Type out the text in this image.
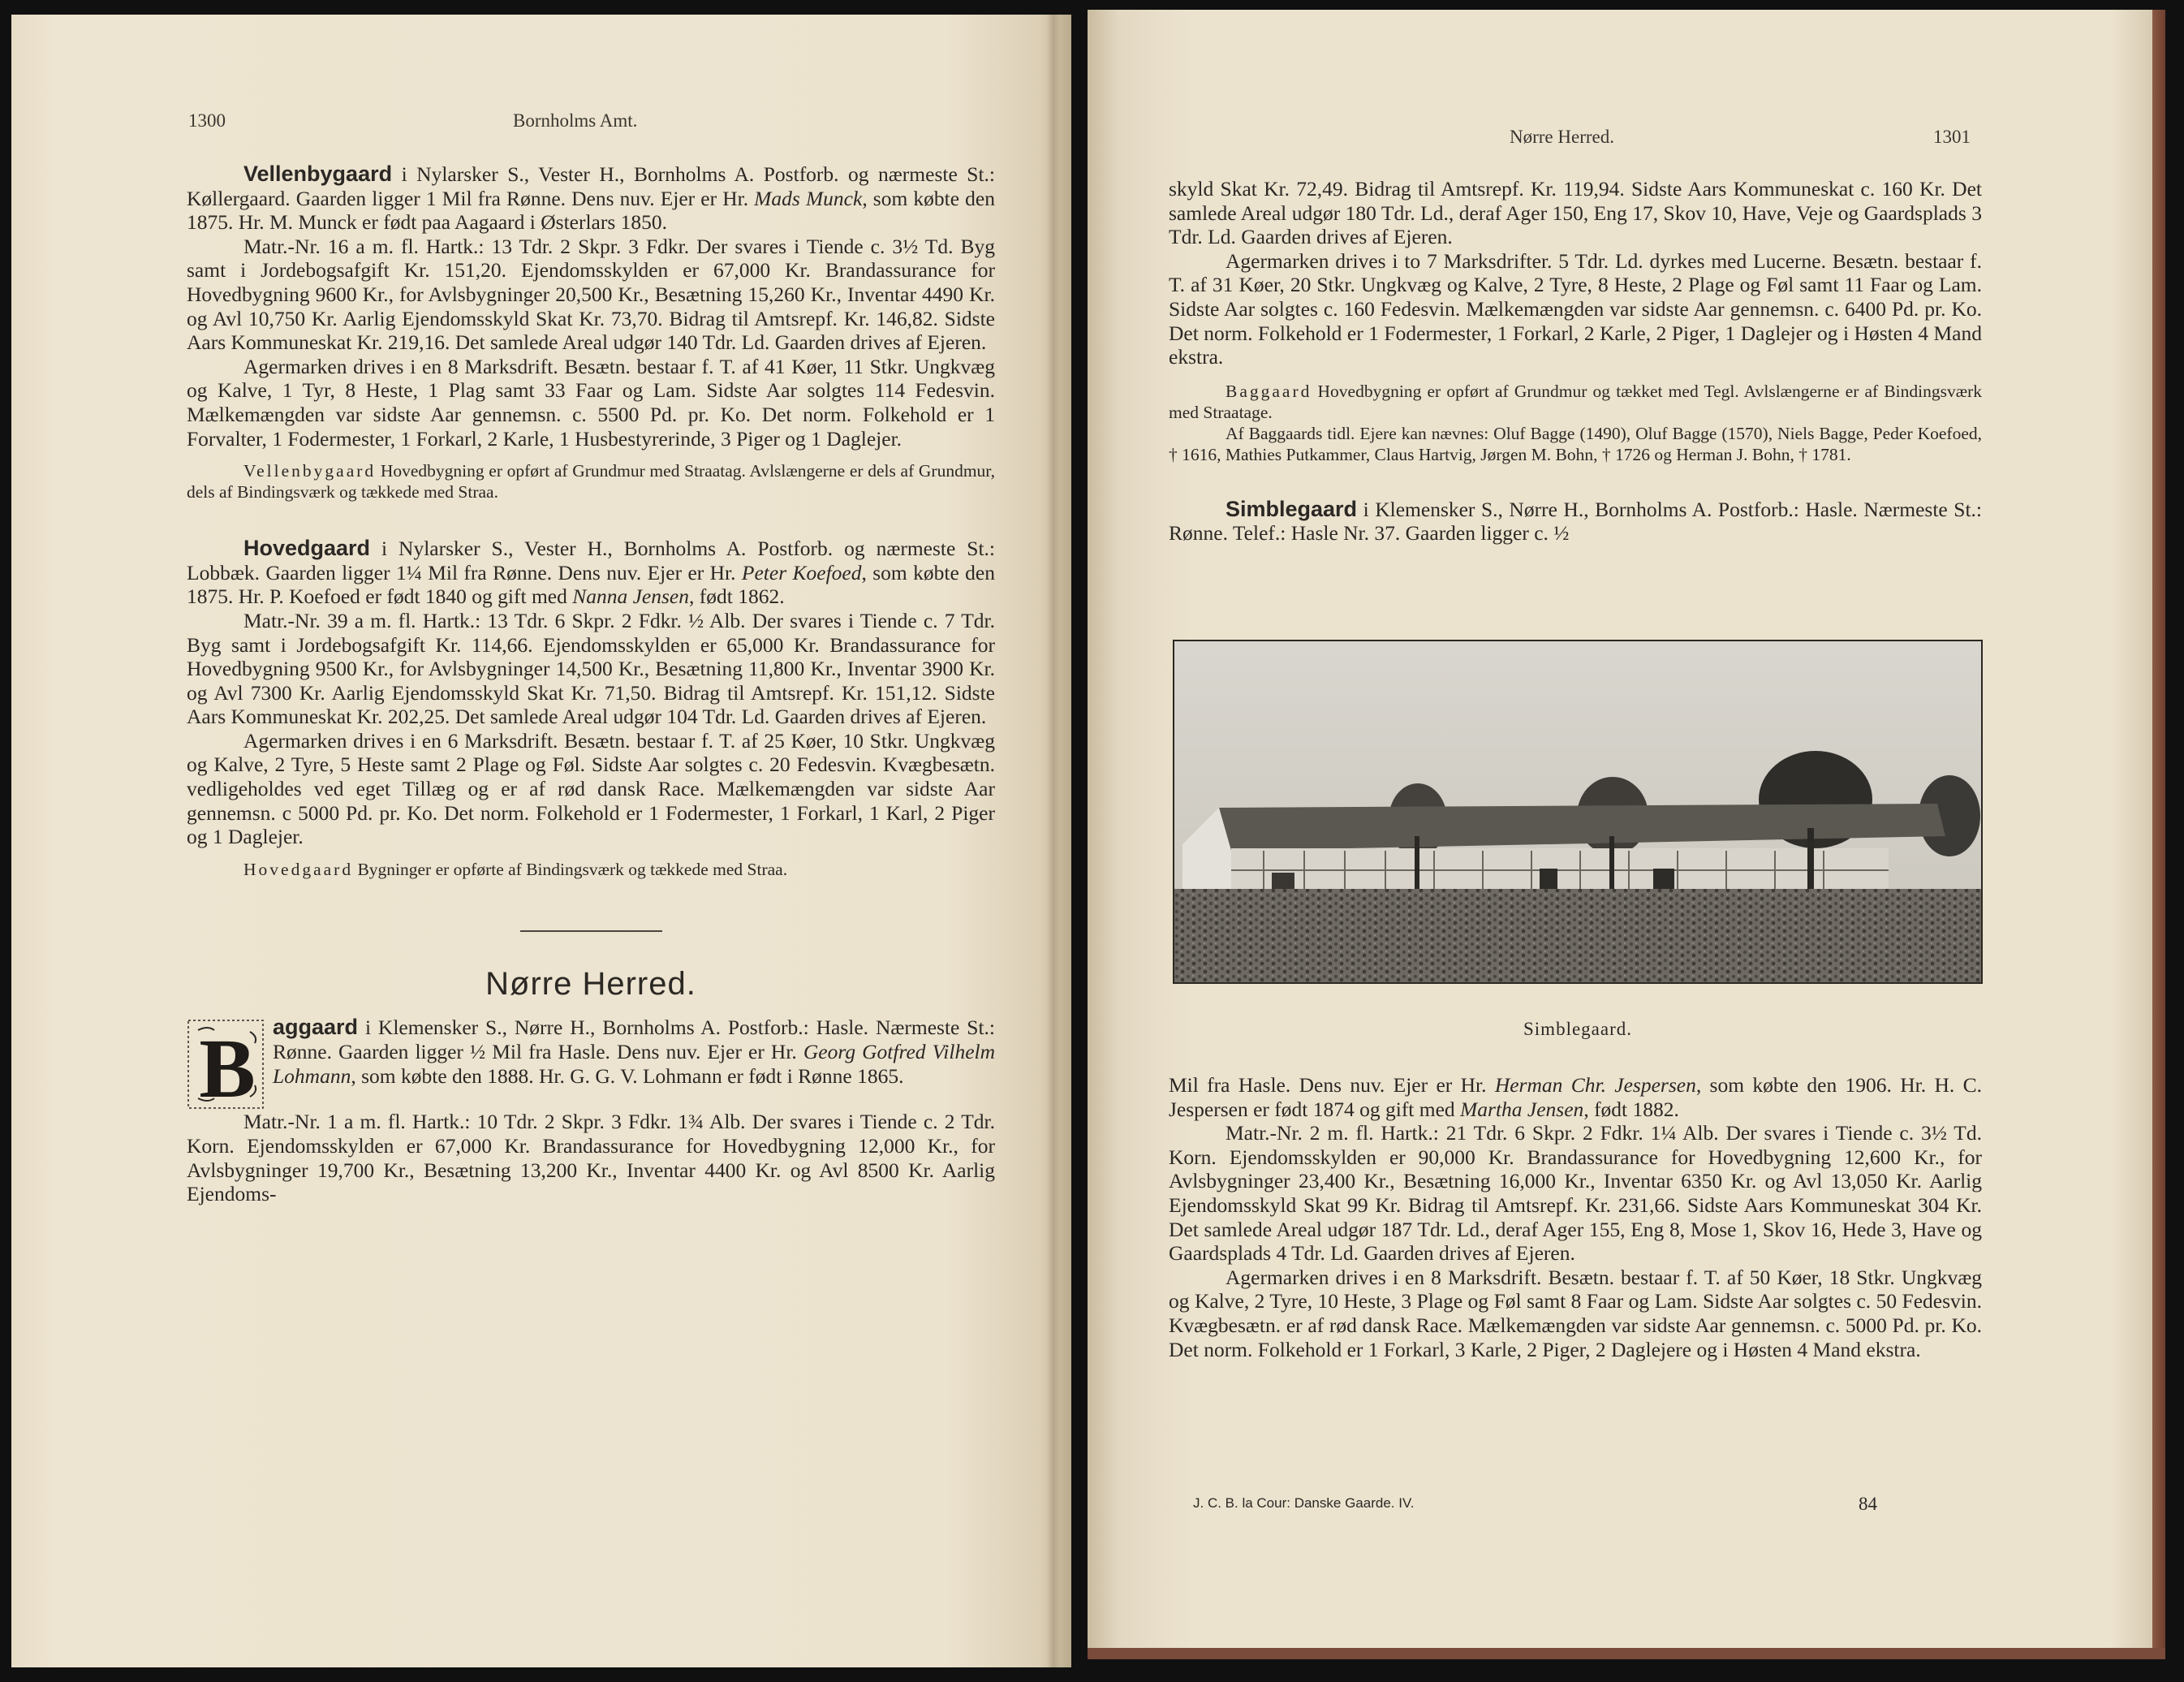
1300	Bornholms Amt.

Vellenbygaard i Nylarsker S., Vester H., Bornholms A. Postforb. og nærmeste St.: Køllergaard. Gaarden ligger 1 Mil fra Rønne. Dens nuv. Ejer er Hr. Mads Munck, som købte den 1875. Hr. M. Munck er født paa Aagaard i Østerlars 1850.

Matr.-Nr. 16 a m. fl. Hartk.: 13 Tdr. 2 Skpr. 3 Fdkr. Der svares i Tiende c. 3½ Td. Byg samt i Jordebogsafgift Kr. 151,20. Ejendomsskylden er 67,000 Kr. Brandassurance for Hovedbygning 9600 Kr., for Avlsbygninger 20,500 Kr., Besætning 15,260 Kr., Inventar 4490 Kr. og Avl 10,750 Kr. Aarlig Ejendomsskyld Skat Kr. 73,70. Bidrag til Amtsrepf. Kr. 146,82. Sidste Aars Kommuneskat Kr. 219,16. Det samlede Areal udgør 140 Tdr. Ld. Gaarden drives af Ejeren.

Agermarken drives i en 8 Marksdrift. Besætn. bestaar f. T. af 41 Køer, 11 Stkr. Ungkvæg og Kalve, 1 Tyr, 8 Heste, 1 Plag samt 33 Faar og Lam. Sidste Aar solgtes 114 Fedesvin. Mælkemængden var sidste Aar gennemsn. c. 5500 Pd. pr. Ko. Det norm. Folkehold er 1 Forvalter, 1 Fodermester, 1 Forkarl, 2 Karle, 1 Husbestyrerinde, 3 Piger og 1 Daglejer.

Vellenbygaard Hovedbygning er opført af Grundmur med Straatag. Avlslængerne er dels af Grundmur, dels af Bindingsværk og tækkede med Straa.

Hovedgaard i Nylarsker S., Vester H., Bornholms A. Postforb. og nærmeste St.: Lobbæk. Gaarden ligger 1¼ Mil fra Rønne. Dens nuv. Ejer er Hr. Peter Koefoed, som købte den 1875. Hr. P. Koefoed er født 1840 og gift med Nanna Jensen, født 1862.

Matr.-Nr. 39 a m. fl. Hartk.: 13 Tdr. 6 Skpr. 2 Fdkr. ½ Alb. Der svares i Tiende c. 7 Tdr. Byg samt i Jordebogsafgift Kr. 114,66. Ejendomsskylden er 65,000 Kr. Brandassurance for Hovedbygning 9500 Kr., for Avlsbygninger 14,500 Kr., Besætning 11,800 Kr., Inventar 3900 Kr. og Avl 7300 Kr. Aarlig Ejendomsskyld Skat Kr. 71,50. Bidrag til Amtsrepf. Kr. 151,12. Sidste Aars Kommuneskat Kr. 202,25. Det samlede Areal udgør 104 Tdr. Ld. Gaarden drives af Ejeren.

Agermarken drives i en 6 Marksdrift. Besætn. bestaar f. T. af 25 Køer, 10 Stkr. Ungkvæg og Kalve, 2 Tyre, 5 Heste samt 2 Plage og Føl. Sidste Aar solgtes c. 20 Fedesvin. Kvægbesætn. vedligeholdes ved eget Tillæg og er af rød dansk Race. Mælkemængden var sidste Aar gennemsn. c 5000 Pd. pr. Ko. Det norm. Folkehold er 1 Fodermester, 1 Forkarl, 1 Karl, 2 Piger og 1 Daglejer.

Hovedgaard Bygninger er opførte af Bindingsværk og tækkede med Straa.

Nørre Herred.

B aggaard i Klemensker S., Nørre H., Bornholms A. Postforb.: Hasle. Nærmeste St.: Rønne. Gaarden ligger ½ Mil fra Hasle. Dens nuv. Ejer er Hr. Georg Gotfred Vilhelm Lohmann, som købte den 1888. Hr. G. G. V. Lohmann er født i Rønne 1865.

Matr.-Nr. 1 a m. fl. Hartk.: 10 Tdr. 2 Skpr. 3 Fdkr. 1¾ Alb. Der svares i Tiende c. 2 Tdr. Korn. Ejendomsskylden er 67,000 Kr. Brandassurance for Hovedbygning 12,000 Kr., for Avlsbygninger 19,700 Kr., Besætning 13,200 Kr., Inventar 4400 Kr. og Avl 8500 Kr. Aarlig Ejendoms-

Nørre Herred.	1301

skyld Skat Kr. 72,49. Bidrag til Amtsrepf. Kr. 119,94. Sidste Aars Kommuneskat c. 160 Kr. Det samlede Areal udgør 180 Tdr. Ld., deraf Ager 150, Eng 17, Skov 10, Have, Veje og Gaardsplads 3 Tdr. Ld. Gaarden drives af Ejeren.

Agermarken drives i to 7 Marksdrifter. 5 Tdr. Ld. dyrkes med Lucerne. Besætn. bestaar f. T. af 31 Køer, 20 Stkr. Ungkvæg og Kalve, 2 Tyre, 8 Heste, 2 Plage og Føl samt 11 Faar og Lam. Sidste Aar solgtes c. 160 Fedesvin. Mælkemængden var sidste Aar gennemsn. c. 6400 Pd. pr. Ko. Det norm. Folkehold er 1 Fodermester, 1 Forkarl, 2 Karle, 2 Piger, 1 Daglejer og i Høsten 4 Mand ekstra.

Baggaard Hovedbygning er opført af Grundmur og tækket med Tegl. Avlslængerne er af Bindingsværk med Straatage.

Af Baggaards tidl. Ejere kan nævnes: Oluf Bagge (1490), Oluf Bagge (1570), Niels Bagge, Peder Koefoed, † 1616, Mathies Putkammer, Claus Hartvig, Jørgen M. Bohn, † 1726 og Herman J. Bohn, † 1781.

Simblegaard i Klemensker S., Nørre H., Bornholms A. Postforb.: Hasle. Nærmeste St.: Rønne. Telef.: Hasle Nr. 37. Gaarden ligger c. ½

Simblegaard.

Mil fra Hasle. Dens nuv. Ejer er Hr. Herman Chr. Jespersen, som købte den 1906. Hr. H. C. Jespersen er født 1874 og gift med Martha Jensen, født 1882.

Matr.-Nr. 2 m. fl. Hartk.: 21 Tdr. 6 Skpr. 2 Fdkr. 1¼ Alb. Der svares i Tiende c. 3½ Td. Korn. Ejendomsskylden er 90,000 Kr. Brandassurance for Hovedbygning 12,600 Kr., for Avlsbygninger 23,400 Kr., Besætning 16,000 Kr., Inventar 6350 Kr. og Avl 13,050 Kr. Aarlig Ejendomsskyld Skat 99 Kr. Bidrag til Amtsrepf. Kr. 231,66. Sidste Aars Kommuneskat 304 Kr. Det samlede Areal udgør 187 Tdr. Ld., deraf Ager 155, Eng 8, Mose 1, Skov 16, Hede 3, Have og Gaardsplads 4 Tdr. Ld. Gaarden drives af Ejeren.

Agermarken drives i en 8 Marksdrift. Besætn. bestaar f. T. af 50 Køer, 18 Stkr. Ungkvæg og Kalve, 2 Tyre, 10 Heste, 3 Plage og Føl samt 8 Faar og Lam. Sidste Aar solgtes c. 50 Fedesvin. Kvægbesætn. er af rød dansk Race. Mælkemængden var sidste Aar gennemsn. c. 5000 Pd. pr. Ko. Det norm. Folkehold er 1 Forkarl, 3 Karle, 2 Piger, 2 Daglejere og i Høsten 4 Mand ekstra.

J. C. B. la Cour: Danske Gaarde. IV.	84
